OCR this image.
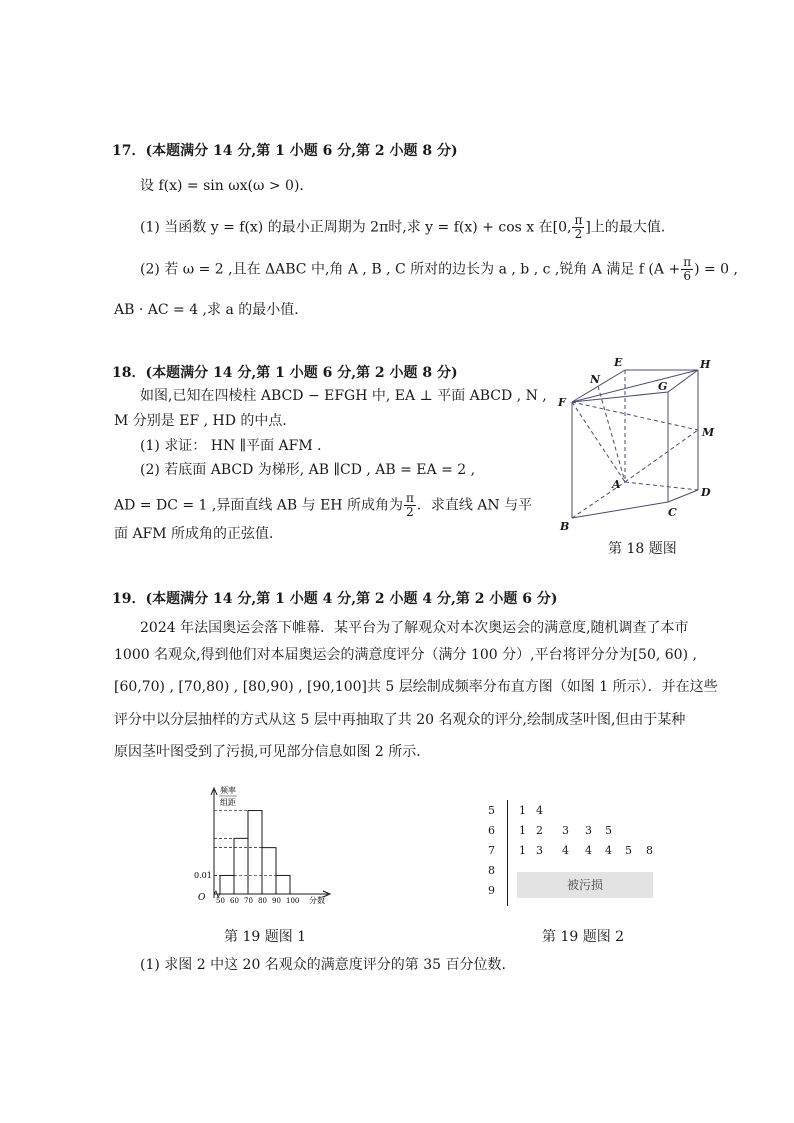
17．(本题满分 14 分,第 1 小题 6 分,第 2 小题 8 分)
设 f(x) = sin ωx(ω > 0)．
(1) 当函数 y = f(x) 的最小正周期为 2π时,求 y = f(x) + cos x 在[0, $\frac{\pi}{2}$ ]上的最大值.
(2) 若 ω = 2 ,且在 ΔABC 中,角 A , B , C 所对的边长为 a , b , c ,锐角 A 满足 f ($A + \frac{\pi}{6}$ ) = 0 ,
AB · AC = 4 ,求 a 的最小值．
18．(本题满分 14 分,第 1 小题 6 分,第 2 小题 8 分)
如图,已知在四棱柱 ABCD − EFGH 中, EA ⊥ 平面 ABCD , N ,
M 分别是 EF , HD 的中点．
(1) 求证： HN ∥平面 AFM ．
(2) 若底面 ABCD 为梯形, AB ∥CD , AB = EA = 2 ,
AD = DC = 1 ,异面直线 AB 与 EH 所成角为 $\frac{\pi}{2}$ ．求直线 AN 与平
面 AFM 所成角的正弦值．
E	H
N
G
F
M
A
D
C
B
第 18 题图
19．(本题满分 14 分,第 1 小题 4 分,第 2 小题 4 分,第 2 小题 6 分)
2024 年法国奥运会落下帷幕．某平台为了解观众对本次奥运会的满意度,随机调查了本市
1000 名观众,得到他们对本届奥运会的满意度评分（满分 100 分）,平台将评分分为[50, 60) ,
[60,70) , [70,80) , [80,90) , [90,100]共 5 层绘制成频率分布直方图（如图 1 所示）．并在这些
评分中以分层抽样的方式从这 5 层中再抽取了共 20 名观众的评分,绘制成茎叶图,但由于某种
原因茎叶图受到了污损,可见部分信息如图 2 所示．
频率
组距
O	分数
0.01
50 60 70 80 90 100
第 19 题图 1
5 1 4
6 1 2 3 3 5
7 1 3 4 4 4 5 8
8
9	被污损
第 19 题图 2
(1) 求图 2 中这 20 名观众的满意度评分的第 35 百分位数.
